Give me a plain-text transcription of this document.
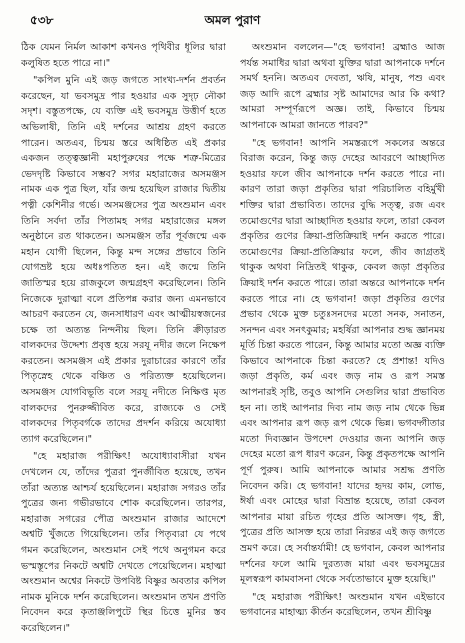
৫৩৮	অমল পুরাণ

ঠিক যেমন নির্মল আকাশ কখনও পৃথিবীর ধূলির দ্বারা কলুষিত হতে পারে না।"

"কপিল মুনি এই জড় জগতে সাংখ্য-দর্শন প্রবর্তন করেছেন, যা ভবসমুদ্র পার হওয়ার এক সুদৃঢ় নৌকা সদৃশ। বস্তুতপক্ষে, যে ব্যক্তি এই ভবসমুদ্র উত্তীর্ণ হতে অভিলাষী, তিনি এই দর্শনের আশ্রয় গ্রহণ করতে পারেন। অতএব, চিন্ময় স্তরে অধিষ্ঠিত এই প্রকার একজন তত্ত্বজ্ঞানী মহাপুরুষের পক্ষে শত্রু-মিত্রের ভেদদৃষ্টি কিভাবে সম্ভব? সগর মহারাজের অসমঞ্জস নামক এক পুত্র ছিল, যাঁর জন্ম হয়েছিল রাজার দ্বিতীয় পত্নী কেশিনীর গর্ভে। অসমঞ্জসের পুত্র অংশুমান এবং তিনি সর্বদা তাঁর পিতামহ সগর মহারাজের মঙ্গল অনুষ্ঠানে রত থাকতেন। অসমঞ্জস তাঁর পূর্বজন্মে এক মহান যোগী ছিলেন, কিন্তু মন্দ সঙ্গের প্রভাবে তিনি যোগভ্রষ্ট হয়ে অধঃপতিত হন। এই জন্মে তিনি জাতিস্মর হয়ে রাজকুলে জন্মগ্রহণ করেছিলেন। তিনি নিজেকে দুরাত্মা বলে প্রতিপন্ন করার জন্য এমনভাবে আচরণ করতেন যে, জনসাধারণ এবং আত্মীয়স্বজনের চক্ষে তা অত্যন্ত নিন্দনীয় ছিল। তিনি ক্রীড়ারত বালকদের উদ্দেশ্য প্রবৃত্ত হয়ে সরযূ নদীর জলে নিক্ষেপ করতেন। অসমঞ্জস এই প্রকার দুরাচারের কারণে তাঁর পিতৃস্নেহ থেকে বঞ্চিত ও পরিত্যক্ত হয়েছিলেন। অসমঞ্জস যোগবিভূতি বলে সরযূ নদীতে নিক্ষিপ্ত মৃত বালকদের পুনরুজ্জীবিত করে, রাজ্যকে ও সেই বালকদের পিতৃবর্গকে তাদের প্রদর্শন করিয়ে অযোধ্যা ত্যাগ করেছিলেন।"

"হে মহারাজ পরীক্ষিৎ! অযোধ্যাবাসীরা যখন দেখলেন যে, তাঁদের পুত্ররা পুনর্জীবিত হয়েছে, তখন তাঁরা অত্যন্ত আশ্চর্য হয়েছিলেন। মহারাজ সগরও তাঁর পুত্রের জন্য গভীরভাবে শোক করেছিলেন। তারপর, মহারাজ সগরের পৌত্র অংশুমান রাজার আদেশে অশ্বটি খুঁজতে গিয়েছিলেন। তাঁর পিতৃব্যরা যে পথে গমন করেছিলেন, অংশুমান সেই পথে অনুগমন করে ভস্মস্তূপের নিকটে অশ্বটি দেখতে পেয়েছিলেন। মহাত্মা অংশুমান অশ্বের নিকটে উপবিষ্ট বিষ্ণুর অবতার কপিল নামক মুনিকে দর্শন করেছিলেন। অংশুমান তখন প্রণতি নিবেদন করে কৃতাঞ্জলিপুটে স্থির চিত্তে মুনির স্তব করেছিলেন।"

অংশুমান বললেন—"হে ভগবান! ব্রহ্মাও আজ পর্যন্ত সমাধির দ্বারা অথবা যুক্তির দ্বারা আপনাকে দর্শনে সমর্থ হননি। অতএব দেবতা, ঋষি, মানুষ, পশু এবং জড় আদি রূপে ব্রহ্মার সৃষ্ট আমাদের আর কি কথা? আমরা সম্পূর্ণরূপে অজ্ঞ। তাই, কিভাবে চিন্ময় আপনাকে আমরা জানতে পারব?"

"হে ভগবান! আপনি সমস্তরূপে সকলের অন্তরে বিরাজ করেন, কিন্তু জড় দেহের আবরণে আচ্ছাদিত হওয়ার ফলে জীব আপনাকে দর্শন করতে পারে না। কারণ তারা জড়া প্রকৃতির দ্বারা পরিচালিত বহির্মুখী শক্তির দ্বারা প্রভাবিত। তাদের বুদ্ধি সত্ত্ব, রজ এবং তমোগুণের দ্বারা আচ্ছাদিত হওয়ার ফলে, তারা কেবল প্রকৃতির গুণের ক্রিয়া-প্রতিক্রিয়াই দর্শন করতে পারে। তমোগুণের ক্রিয়া-প্রতিক্রিয়ার ফলে, জীব জাগ্রতই থাকুক অথবা নিদ্রিতই থাকুক, কেবল জড়া প্রকৃতির ক্রিয়াই দর্শন করতে পারে। তারা অন্তরে আপনাকে দর্শন করতে পারে না। হে ভগবান! জড়া প্রকৃতির গুণের প্রভাব থেকে মুক্ত চতুঃসনদের মতো সনক, সনাতন, সনন্দন এবং সনৎকুমার; মহর্ষিরা আপনার শুদ্ধ জ্ঞানময় মূর্তি চিন্তা করতে পারেন, কিন্তু আমার মতো অজ্ঞ ব্যক্তি কিভাবে আপনাকে চিন্তা করতে? হে প্রশান্ত! যদিও জড়া প্রকৃতি, কর্ম এবং জড় নাম ও রূপ সমস্ত আপনারই সৃষ্টি, তবুও আপনি সেগুলির দ্বারা প্রভাবিত হন না। তাই আপনার দিব্য নাম জড় নাম থেকে ভিন্ন এবং আপনার রূপ জড় রূপ থেকে ভিন্ন। ভগবদ্গীতার মতো দিব্যজ্ঞান উপদেশ দেওয়ার জন্য আপনি জড় দেহের মতো রূপ ধারণ করেন, কিন্তু প্রকৃতপক্ষে আপনি পূর্ণ পুরুষ। আমি আপনাকে আমার সশ্রদ্ধ প্রণতি নিবেদন করি। হে ভগবান! যাদের হৃদয় কাম, লোভ, ঈর্ষা এবং মোহের দ্বারা বিভ্রান্ত হয়েছে, তারা কেবল আপনার মায়া রচিত গৃহের প্রতি আসক্ত। গৃহ, স্ত্রী, পুত্রের প্রতি আসক্ত হয়ে তারা নিরন্তর এই জড় জগতে ভ্রমণ করে। হে সর্বান্তর্যামী! হে ভগবান, কেবল আপনার দর্শনের ফলে আমি দুরত্যজ মায়া এবং ভবসমুদ্রের মূলস্বরূপ কামবাসনা থেকে সর্বতোভাবে মুক্ত হয়েছি।"

"হে মহারাজ পরীক্ষিৎ! অংশুমান যখন এইভাবে ভগবানের মাহাত্ম্য কীর্তন করেছিলেন, তখন শ্রীবিষ্ণু
